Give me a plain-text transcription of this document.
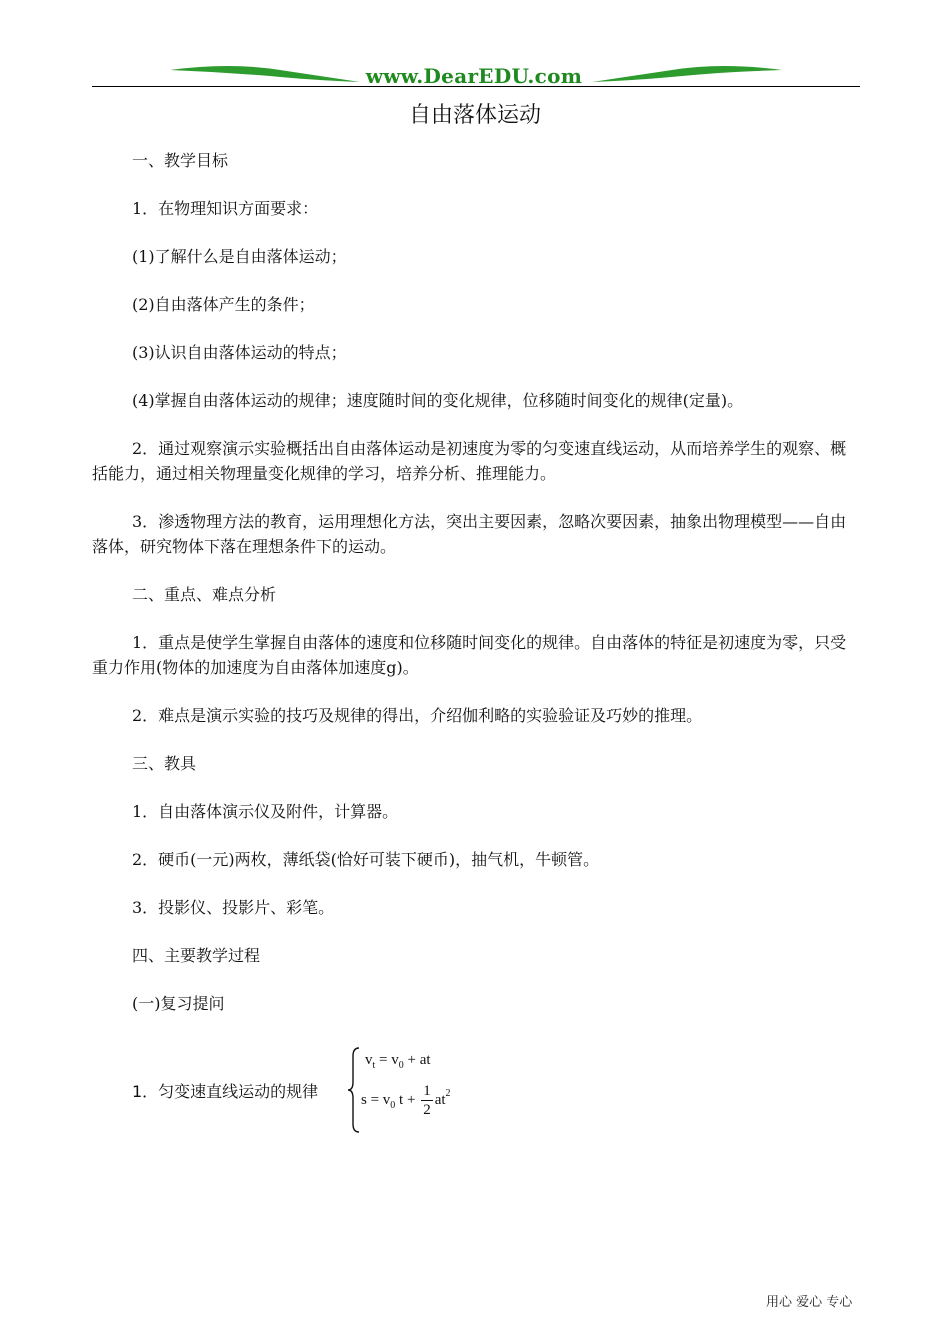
www.DearEDU.com
自由落体运动

一、教学目标

1．在物理知识方面要求：

(1)了解什么是自由落体运动；

(2)自由落体产生的条件；

(3)认识自由落体运动的特点；

(4)掌握自由落体运动的规律；速度随时间的变化规律，位移随时间变化的规律(定量)。

2．通过观察演示实验概括出自由落体运动是初速度为零的匀变速直线运动，从而培养学生的观察、概括能力，通过相关物理量变化规律的学习，培养分析、推理能力。

3．渗透物理方法的教育，运用理想化方法，突出主要因素，忽略次要因素，抽象出物理模型——自由落体，研究物体下落在理想条件下的运动。

二、重点、难点分析

1．重点是使学生掌握自由落体的速度和位移随时间变化的规律。自由落体的特征是初速度为零，只受重力作用(物体的加速度为自由落体加速度g)。

2．难点是演示实验的技巧及规律的得出，介绍伽利略的实验验证及巧妙的推理。

三、教具

1．自由落体演示仪及附件，计算器。

2．硬币(一元)两枚，薄纸袋(恰好可装下硬币)，抽气机，牛顿管。

3．投影仪、投影片、彩笔。

四、主要教学过程

(一)复习提问

1．匀变速直线运动的规律
$v_t = v_0$ + at
$s = v_0$ $t + \frac{1}{2} at^2$
用心 爱心 专心
